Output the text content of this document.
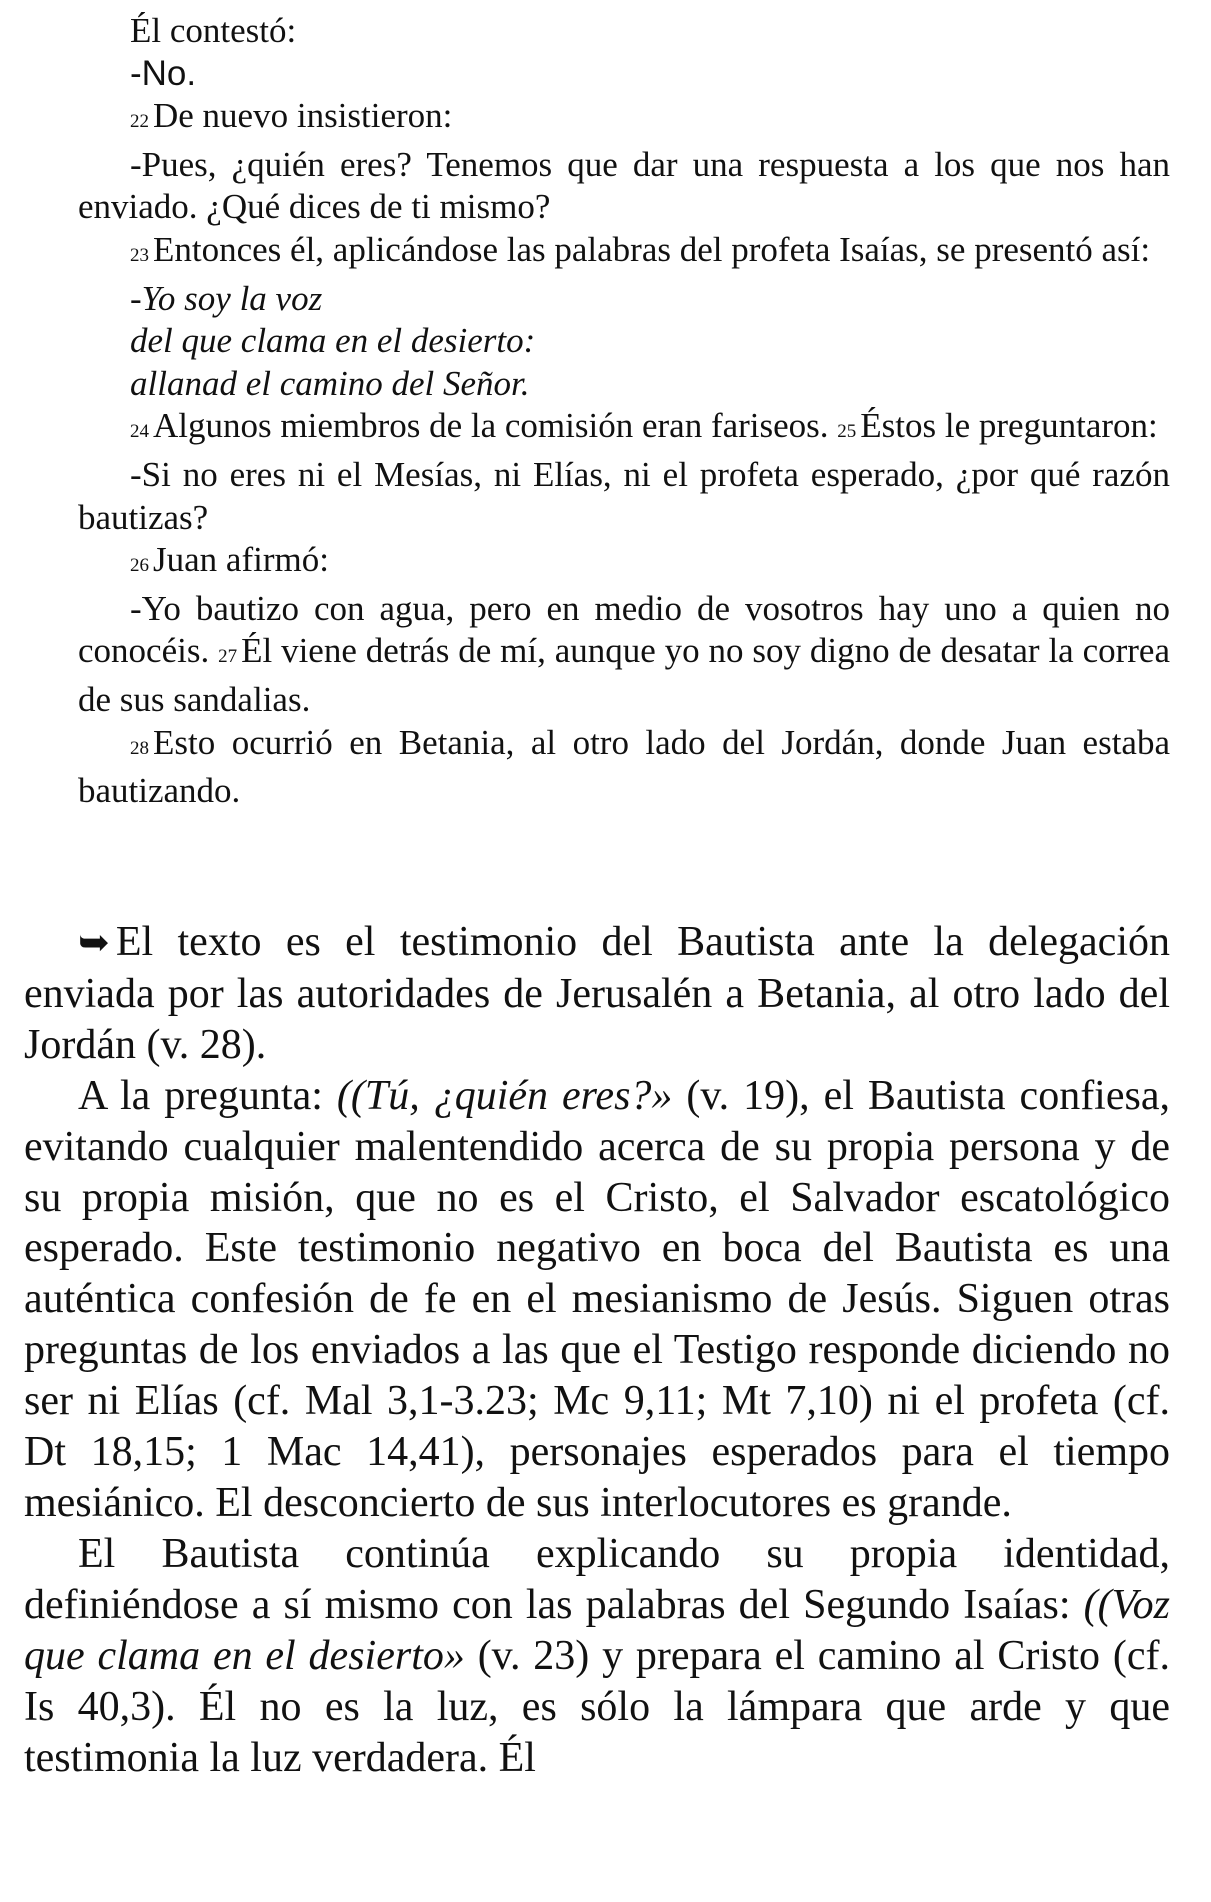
Él contestó:

-No.

22 De nuevo insistieron:

-Pues, ¿quién eres? Tenemos que dar una respuesta a los que nos han enviado. ¿Qué dices de ti mismo?

23 Entonces él, aplicándose las palabras del profeta Isaías, se presentó así:

-Yo soy la voz

del que clama en el desierto:

allanad el camino del Señor.

24 Algunos miembros de la comisión eran fariseos. 25 Éstos le preguntaron:

-Si no eres ni el Mesías, ni Elías, ni el profeta esperado, ¿por qué razón bautizas?

26 Juan afirmó:

-Yo bautizo con agua, pero en medio de vosotros hay uno a quien no conocéis. 27 Él viene detrás de mí, aunque yo no soy digno de desatar la correa de sus sandalias.

28 Esto ocurrió en Betania, al otro lado del Jordán, donde Juan estaba bautizando.

➥ El texto es el testimonio del Bautista ante la delegación enviada por las autoridades de Jerusalén a Betania, al otro lado del Jordán (v. 28).

A la pregunta: ((Tú, ¿quién eres?» (v. 19), el Bautista confiesa, evitando cualquier malentendido acerca de su propia persona y de su propia misión, que no es el Cristo, el Salvador escatológico esperado. Este testimonio negativo en boca del Bautista es una auténtica confesión de fe en el mesianismo de Jesús. Siguen otras preguntas de los enviados a las que el Testigo responde diciendo no ser ni Elías (cf. Mal 3,1-3.23; Mc 9,11; Mt 7,10) ni el profeta (cf. Dt 18,15; 1 Mac 14,41), personajes esperados para el tiempo mesiánico. El desconcierto de sus interlocutores es grande.

El Bautista continúa explicando su propia identidad, definiéndose a sí mismo con las palabras del Segundo Isaías: ((Voz que clama en el desierto» (v. 23) y prepara el camino al Cristo (cf. Is 40,3). Él no es la luz, es sólo la lámpara que arde y que testimonia la luz verdadera. Él
